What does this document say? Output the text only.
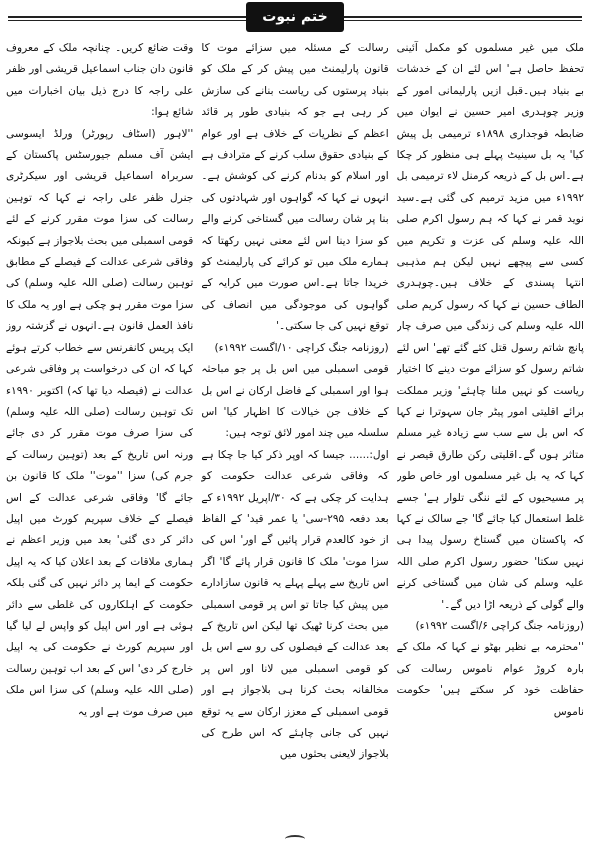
ختم نبوت

ملک میں غیر مسلموں کو مکمل آئینی تحفظ حاصل ہے' اس لئے ان کے خدشات بے بنیاد ہیں۔قبل ازیں پارلیمانی امور کے وزیر چوہدری امیر حسین نے ایوان میں ضابطہ فوجداری ۱۸۹۸ء ترمیمی بل پیش کیا' یہ بل سینیٹ پہلے ہی منظور کر چکا ہے۔اس بل کے ذریعہ کرمنل لاء ترمیمی بل ۱۹۹۲ء میں مزید ترمیم کی گئی ہے۔سید نوید قمر نے کہا کہ ہم رسول اکرم صلی اللہ علیہ وسلم کی عزت و تکریم میں کسی سے پیچھے نہیں لیکن ہم مذہبی انتہا پسندی کے خلاف ہیں۔چوہدری الطاف حسین نے کہا کہ رسول کریم صلی اللہ علیہ وسلم کی زندگی میں صرف چار پانچ شاتم رسول قتل کئے گئے تھے' اس لئے شاتم رسول کو سزائے موت دینے کا اختیار ریاست کو نہیں ملنا چاہئے' وزیر مملکت برائے اقلیتی امور پیٹر جان سہوترا نے کہا کہ اس بل سے سب سے زیادہ غیر مسلم متاثر ہوں گے۔اقلیتی رکن طارق قیصر نے کہا کہ یہ بل غیر مسلموں اور خاص طور پر مسیحیوں کے لئے ننگی تلوار ہے' جسے غلط استعمال کیا جائے گا' جے سالک نے کہا کہ پاکستان میں گستاخ رسول پیدا ہی نہیں سکتا' حضور رسول اکرم صلی اللہ علیہ وسلم کی شان میں گستاخی کرنے والے گولی کے ذریعہ اڑا دیں گے۔'

(روزنامہ جنگ کراچی ۶/اگست ۱۹۹۲ء)

''محترمہ بے نظیر بھٹو نے کہا کہ ملک کے بارہ کروڑ عوام ناموس رسالت کی حفاظت خود کر سکتے ہیں' حکومت ناموس

رسالت کے مسئلہ میں سزائے موت کا قانون پارلیمنٹ میں پیش کر کے ملک کو بنیاد پرستوں کی ریاست بنانے کی سازش کر رہی ہے جو کہ بنیادی طور پر قائد اعظم کے نظریات کے خلاف ہے اور عوام کے بنیادی حقوق سلب کرنے کے مترادف ہے اور اسلام کو بدنام کرنے کی کوشش ہے۔ انہوں نے کہا کہ گواہوں اور شہادتوں کی بنا پر شان رسالت میں گستاخی کرنے والے کو سزا دینا اس لئے معنی نہیں رکھتا کہ ہمارے ملک میں تو کرائے کی پارلیمنٹ کو خریدا جاتا ہے۔اس صورت میں کرایہ کے گواہوں کی موجودگی میں انصاف کی توقع نہیں کی جا سکتی۔'

(روزنامہ جنگ کراچی ۱۰/اگست ۱۹۹۲ء)

قومی اسمبلی میں اس بل پر جو مباحثہ ہوا اور اسمبلی کے فاضل ارکان نے اس بل کے خلاف جن خیالات کا اظہار کیا' اس سلسلہ میں چند امور لائق توجہ ہیں:

اول:...... جیسا کہ اوپر ذکر کیا جا چکا ہے کہ وفاقی شرعی عدالت حکومت کو ہدایت کر چکی ہے کہ ۳۰/اپریل ۱۹۹۲ء کے بعد دفعہ ۲۹۵-سی' یا عمر قید' کے الفاظ از خود کالعدم قرار پائیں گے اور' اس کی سزا موت' ملک کا قانون قرار پائے گا' اگر اس تاریخ سے پہلے پہلے یہ قانون سازادارے میں پیش کیا جاتا تو اس پر قومی اسمبلی میں بحث کرنا ٹھیک تھا لیکن اس تاریخ کے بعد عدالت کے فیصلوں کی رو سے اس بل کو قومی اسمبلی میں لانا اور اس پر مخالفانہ بحث کرنا ہی بلاجواز ہے اور قومی اسمبلی کے معزز ارکان سے یہ توقع نہیں کی جانی چاہئے کہ اس طرح کی بلاجواز لایعنی بحثوں میں

وقت ضائع کریں۔ چنانچہ ملک کے معروف قانون دان جناب اسماعیل قریشی اور ظفر علی راجہ کا درج ذیل بیان اخبارات میں شائع ہوا:

''لاہور (اسٹاف رپورٹر) ورلڈ ایسوسی ایشن آف مسلم جیورسٹس پاکستان کے سربراہ اسماعیل قریشی اور سیکرٹری جنرل ظفر علی راجہ نے کہا کہ توہین رسالت کی سزا موت مقرر کرنے کے لئے قومی اسمبلی میں بحث بلاجواز ہے کیونکہ وفاقی شرعی عدالت کے فیصلے کے مطابق توہین رسالت (صلی اللہ علیہ وسلم) کی سزا موت مقرر ہو چکی ہے اور یہ ملک کا نافذ العمل قانون ہے۔انہوں نے گزشتہ روز ایک پریس کانفرنس سے خطاب کرتے ہوئے کہا کہ ان کی درخواست پر وفاقی شرعی عدالت نے (فیصلہ دیا تھا کہ) اکتوبر ۱۹۹۰ء تک توہین رسالت (صلی اللہ علیہ وسلم) کی سزا صرف موت مقرر کر دی جائے ورنہ اس تاریخ کے بعد (توہین رسالت کے جرم کی) سزا ''موت'' ملک کا قانون بن جائے گا' وفاقی شرعی عدالت کے اس فیصلے کے خلاف سپریم کورٹ میں اپیل دائر کر دی گئی' بعد میں وزیر اعظم نے ہماری ملاقات کے بعد اعلان کیا کہ یہ اپیل حکومت کے ایما پر دائر نہیں کی گئی بلکہ حکومت کے اہلکاروں کی غلطی سے دائر ہوئی ہے اور اس اپیل کو واپس لے لیا گیا اور سپریم کورٹ نے حکومت کی یہ اپیل خارج کر دی' اس کے بعد اب توہین رسالت (صلی اللہ علیہ وسلم) کی سزا اس ملک میں صرف موت ہے اور یہ
